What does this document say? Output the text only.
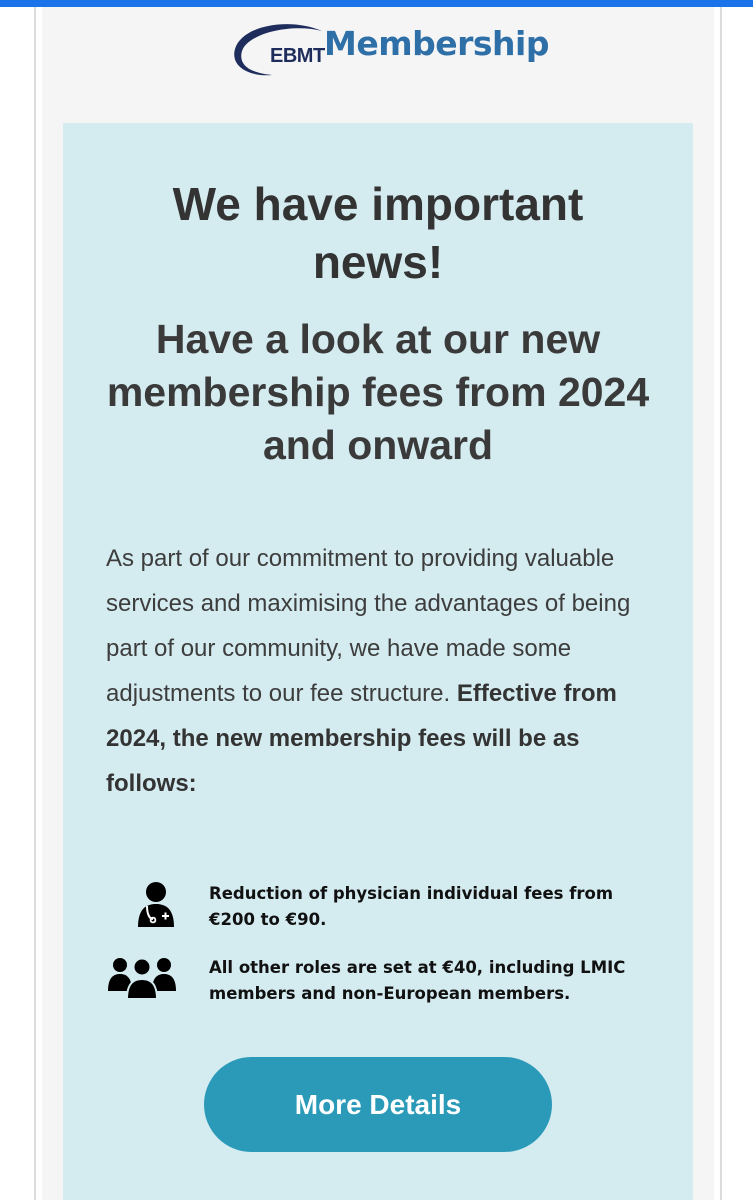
EBMT Membership
We have important news!
Have a look at our new membership fees from 2024 and onward

As part of our commitment to providing valuable services and maximising the advantages of being part of our community, we have made some adjustments to our fee structure. Effective from 2024, the new membership fees will be as follows:

Reduction of physician individual fees from €200 to €90.

All other roles are set at €40, including LMIC members and non-European members.

More Details
